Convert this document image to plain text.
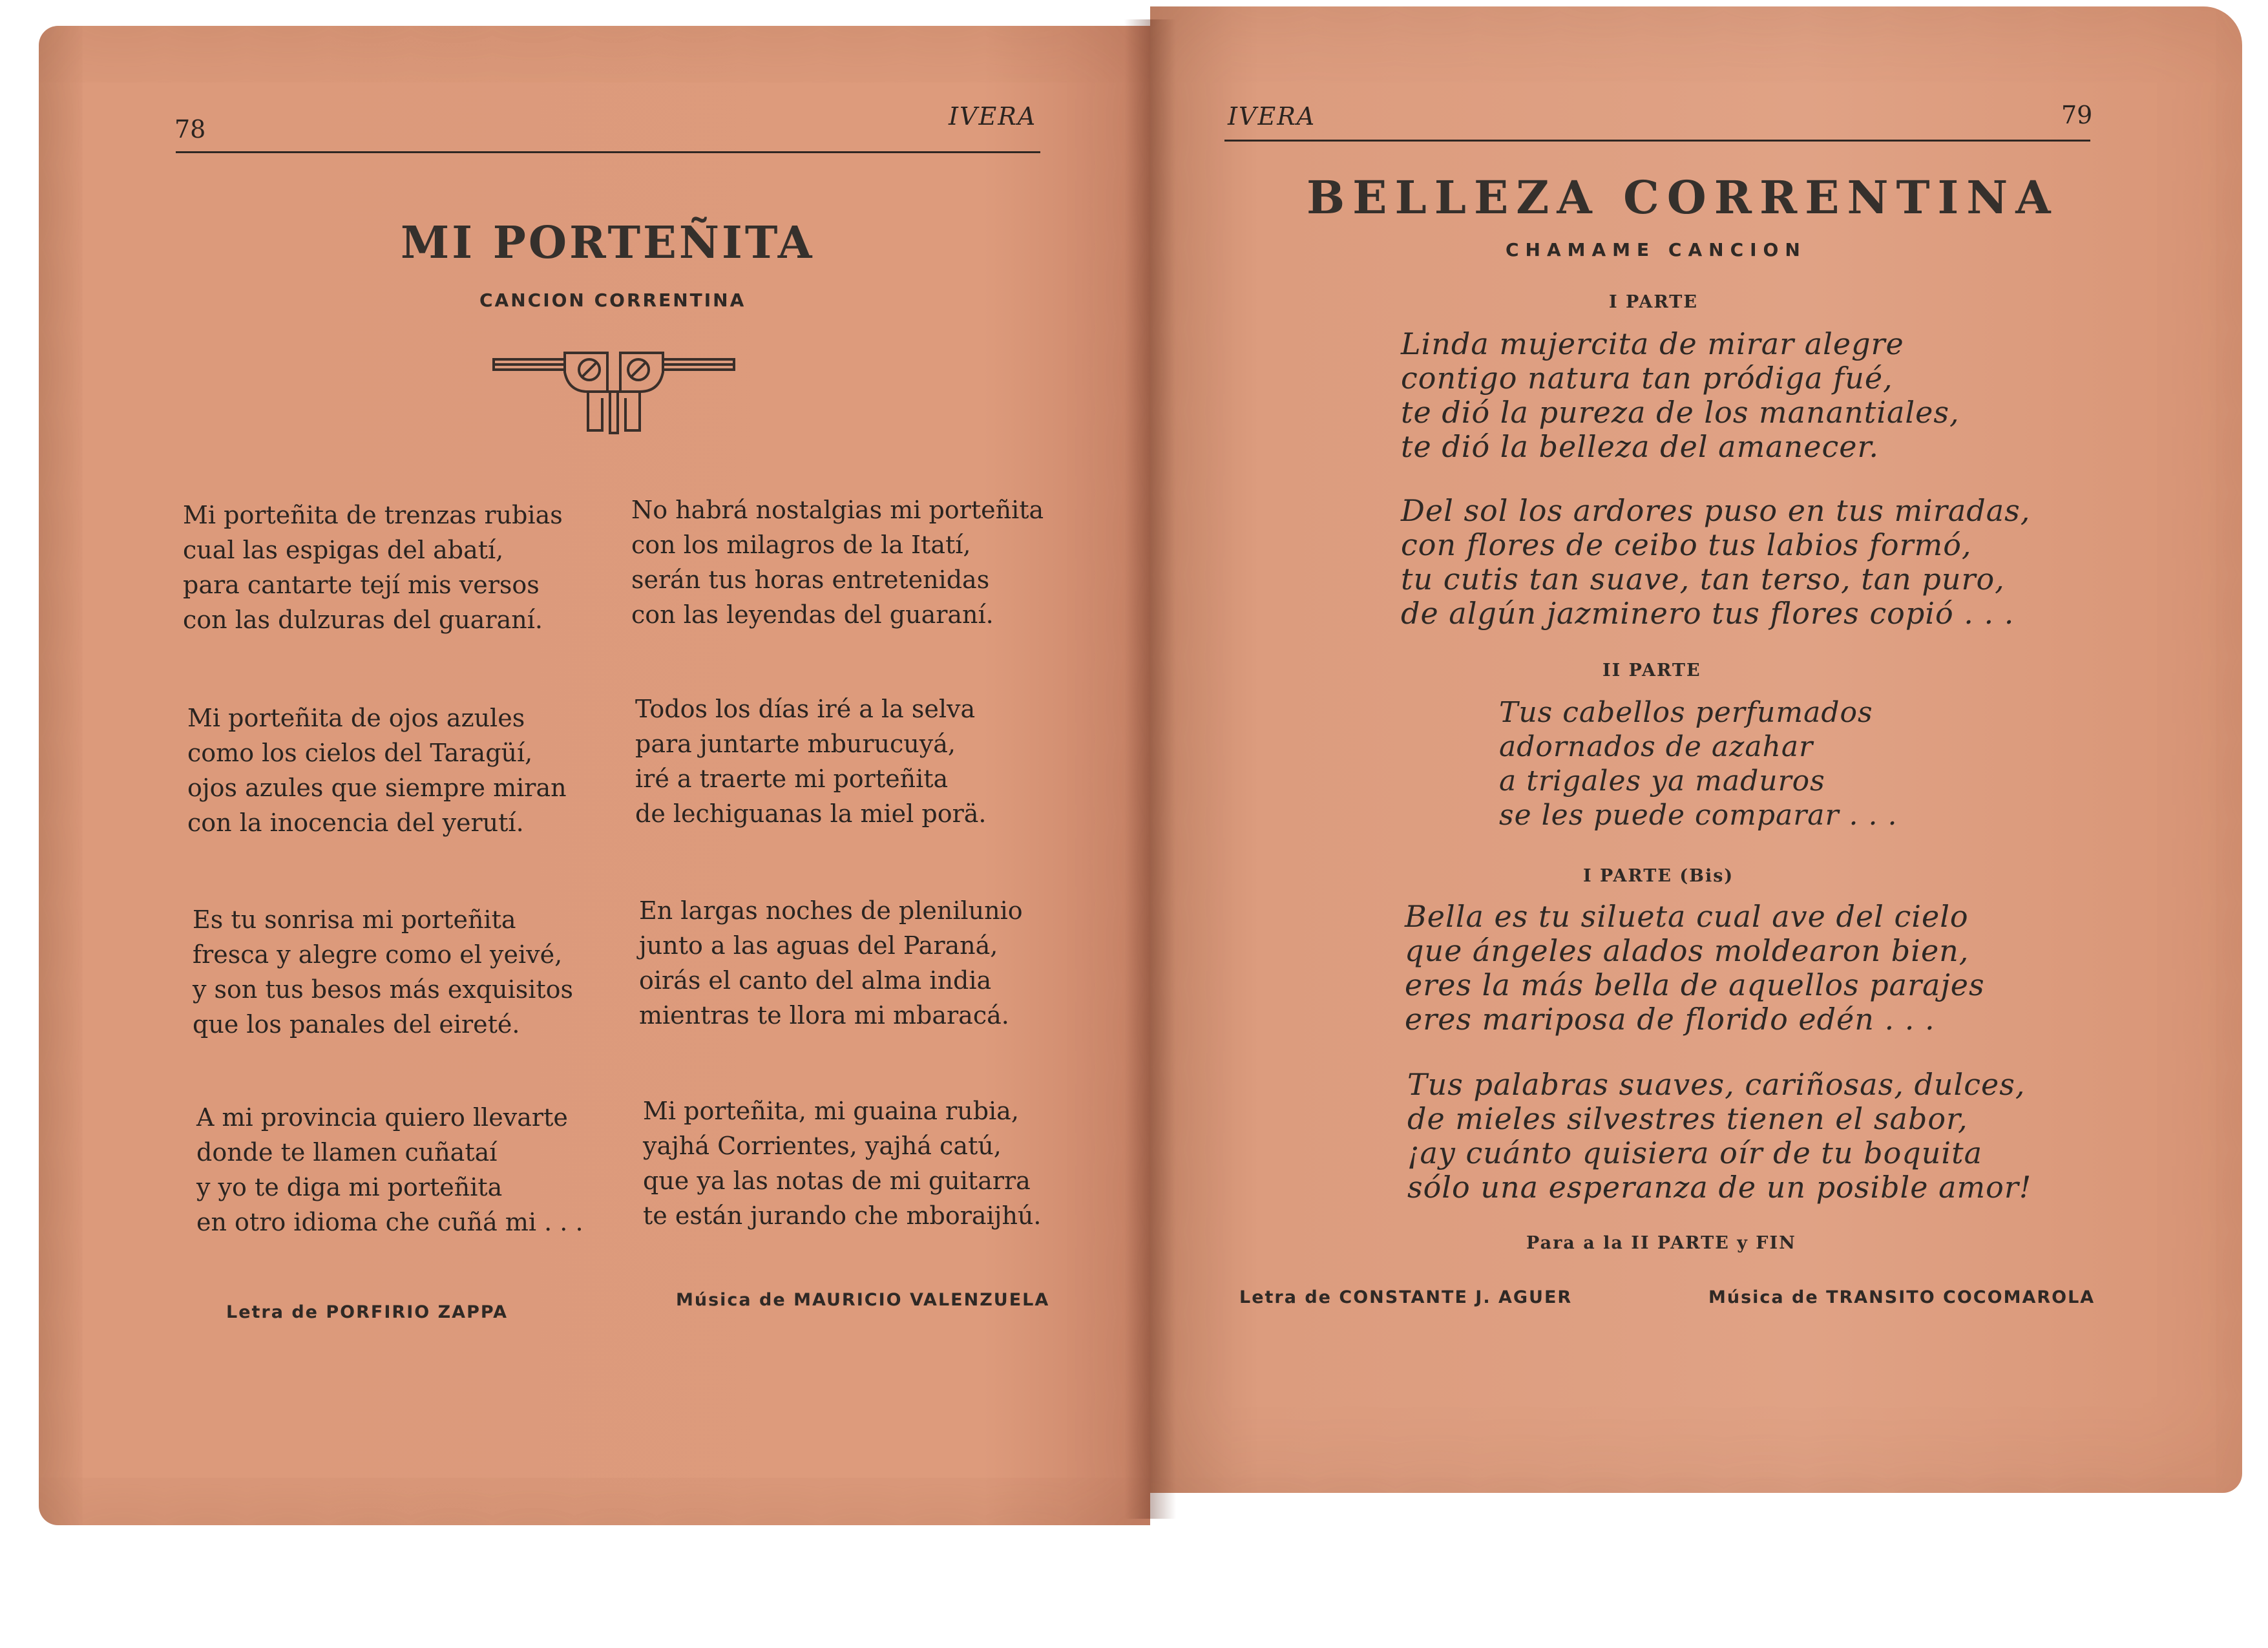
78	IVERA
MI PORTEÑITA
CANCION CORRENTINA
Mi porteñita de trenzas rubias
cual las espigas del abatí,
para cantarte tejí mis versos
con las dulzuras del guaraní.
Mi porteñita de ojos azules
como los cielos del Taragüí,
ojos azules que siempre miran
con la inocencia del yerutí.
Es tu sonrisa mi porteñita
fresca y alegre como el yeivé,
y son tus besos más exquisitos
que los panales del eireté.
A mi provincia quiero llevarte
donde te llamen cuñataí
y yo te diga mi porteñita
en otro idioma che cuñá mi . . .
No habrá nostalgias mi porteñita
con los milagros de la Itatí,
serán tus horas entretenidas
con las leyendas del guaraní.
Todos los días iré a la selva
para juntarte mburucuyá,
iré a traerte mi porteñita
de lechiguanas la miel porä.
En largas noches de plenilunio
junto a las aguas del Paraná,
oirás el canto del alma india
mientras te llora mi mbaracá.
Mi porteñita, mi guaina rubia,
yajhá Corrientes, yajhá catú,
que ya las notas de mi guitarra
te están jurando che mboraijhú.
Letra de PORFIRIO ZAPPA
Música de MAURICIO VALENZUELA
IVERA	79
BELLEZA CORRENTINA
CHAMAME CANCION
I PARTE
Linda mujercita de mirar alegre
contigo natura tan pródiga fué,
te dió la pureza de los manantiales,
te dió la belleza del amanecer.
Del sol los ardores puso en tus miradas,
con flores de ceibo tus labios formó,
tu cutis tan suave, tan terso, tan puro,
de algún jazminero tus flores copió . . .
II PARTE
Tus cabellos perfumados
adornados de azahar
a trigales ya maduros
se les puede comparar . . .
I PARTE (Bis)
Bella es tu silueta cual ave del cielo
que ángeles alados moldearon bien,
eres la más bella de aquellos parajes
eres mariposa de florido edén . . .
Tus palabras suaves, cariñosas, dulces,
de mieles silvestres tienen el sabor,
¡ay cuánto quisiera oír de tu boquita
sólo una esperanza de un posible amor!
Para a la II PARTE y FIN
Letra de CONSTANTE J. AGUER	Música de TRANSITO COCOMAROLA
